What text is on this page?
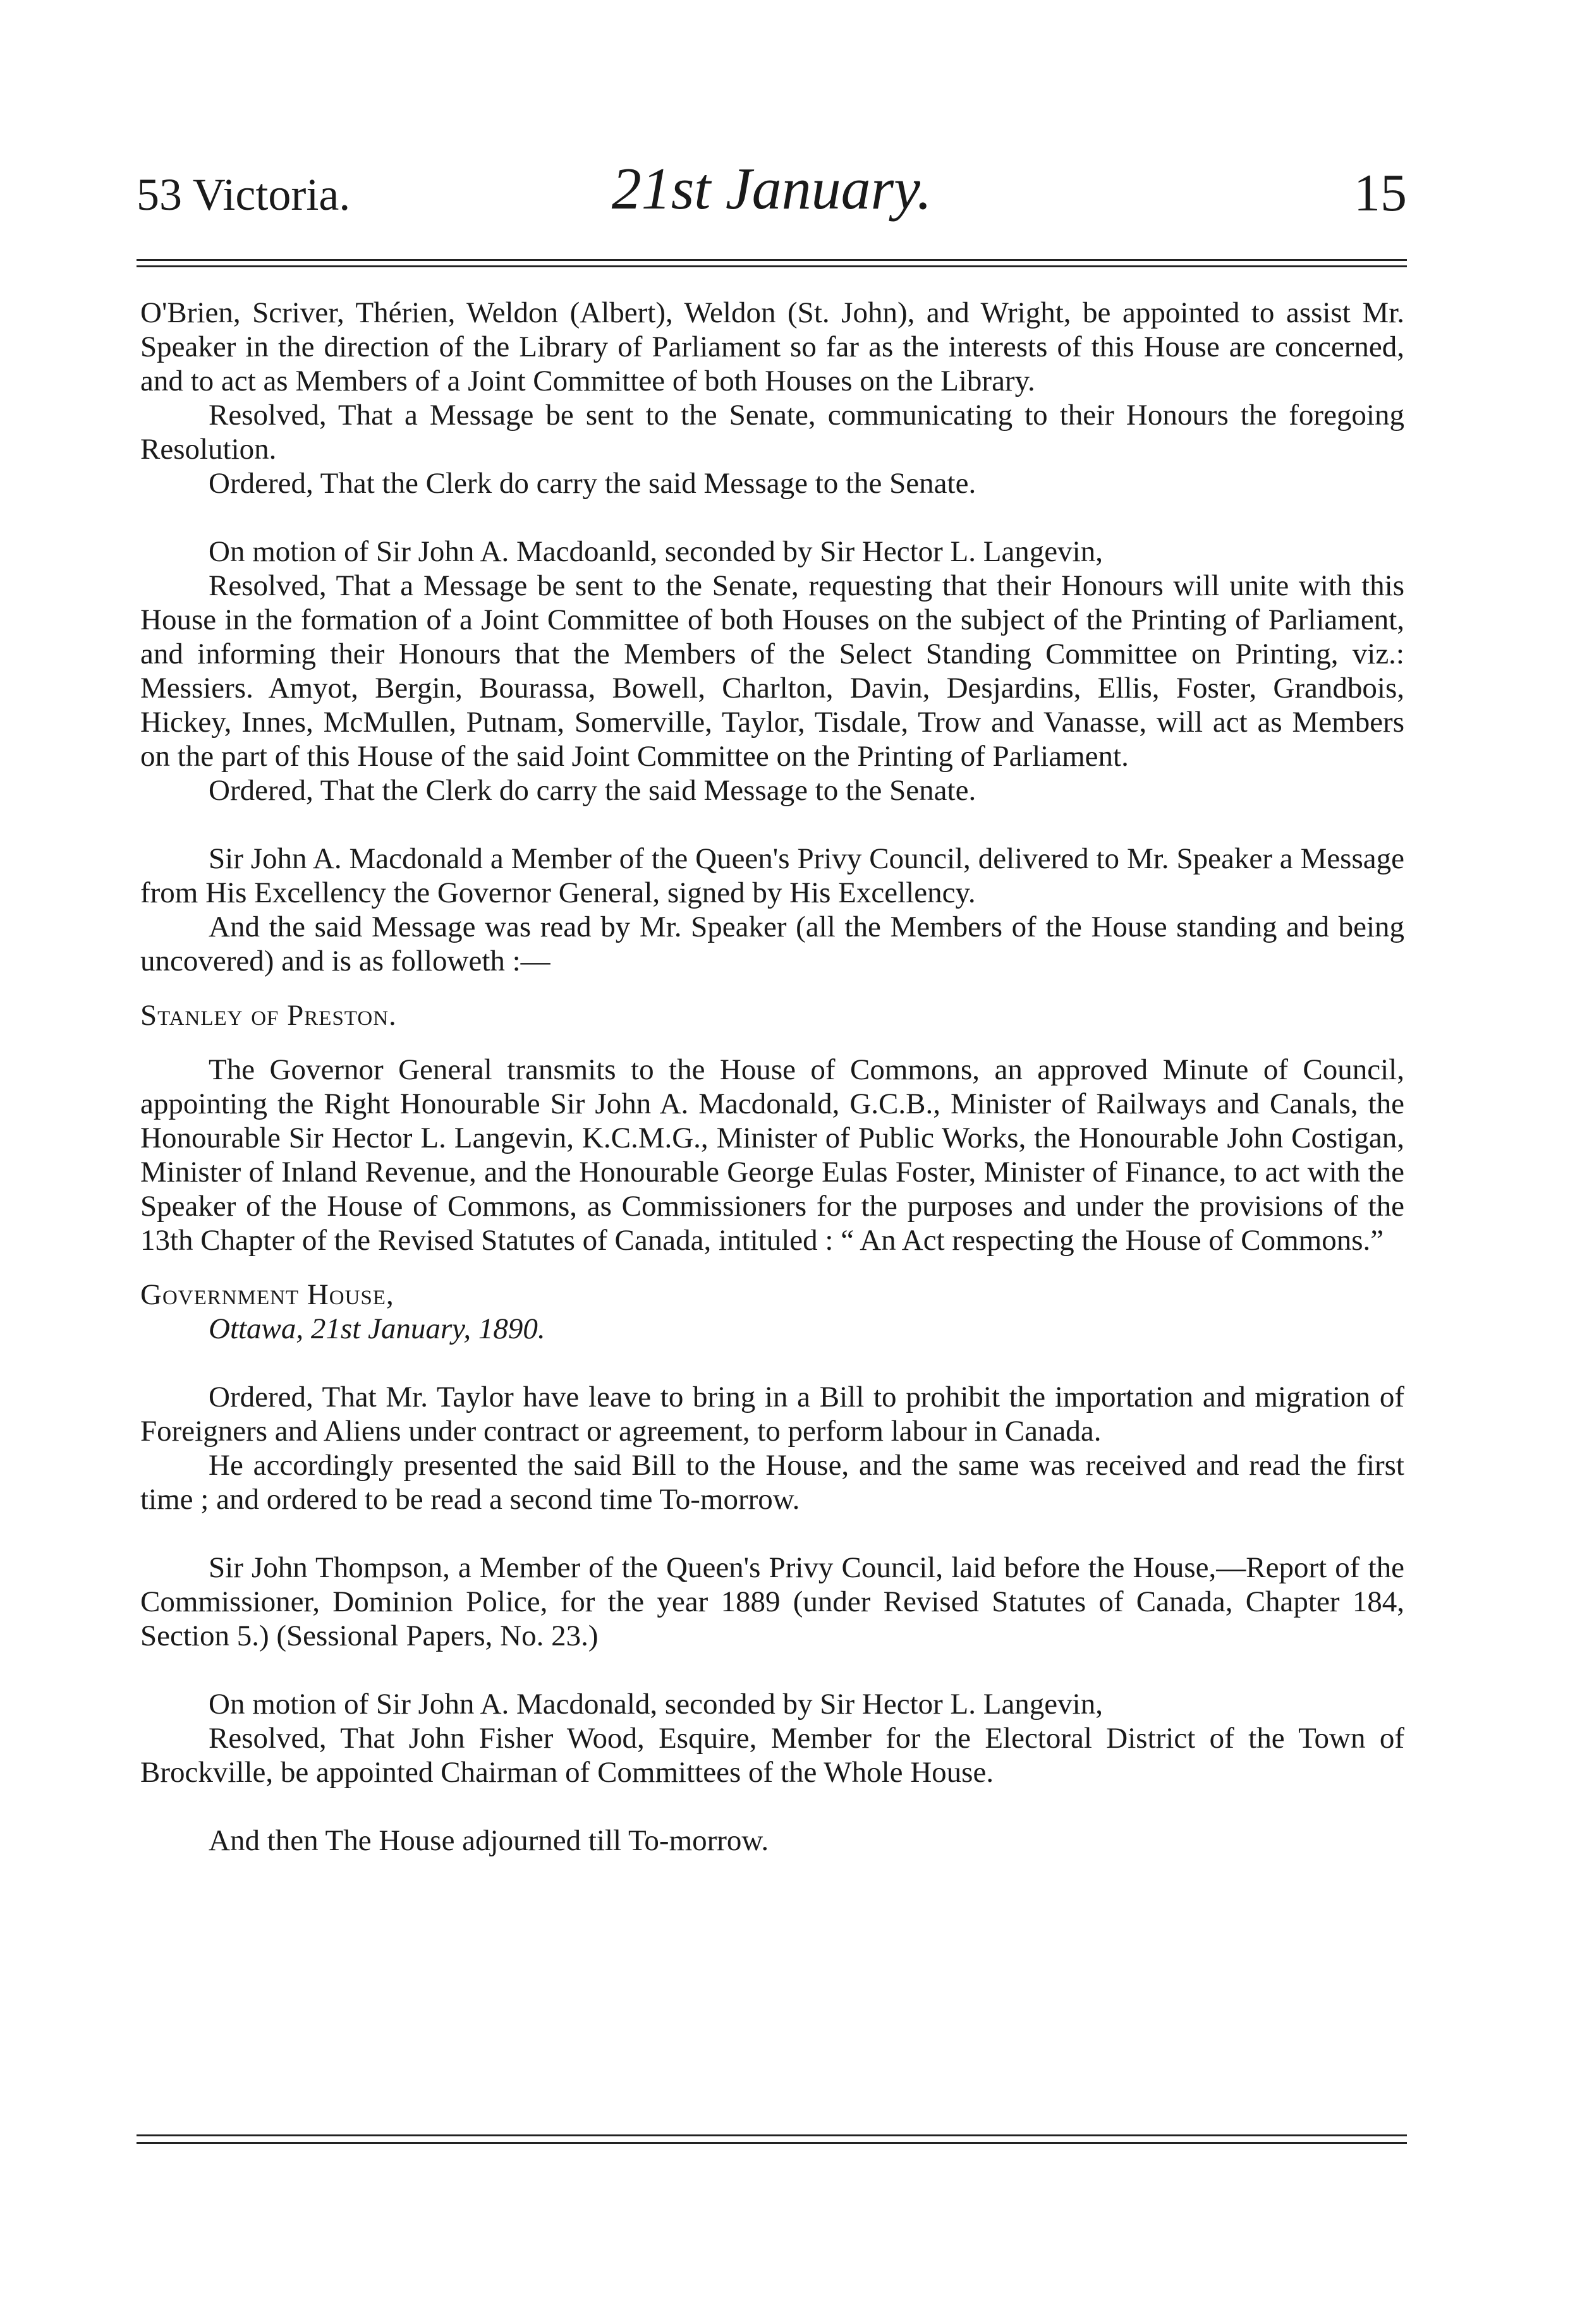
53 Victoria.	21st January.	15

O'Brien, Scriver, Thérien, Weldon (Albert), Weldon (St. John), and Wright, be appointed to assist Mr. Speaker in the direction of the Library of Parliament so far as the interests of this House are concerned, and to act as Members of a Joint Committee of both Houses on the Library.

Resolved, That a Message be sent to the Senate, communicating to their Honours the foregoing Resolution.

Ordered, That the Clerk do carry the said Message to the Senate.

On motion of Sir John A. Macdoanld, seconded by Sir Hector L. Langevin,

Resolved, That a Message be sent to the Senate, requesting that their Honours will unite with this House in the formation of a Joint Committee of both Houses on the subject of the Printing of Parliament, and informing their Honours that the Members of the Select Standing Committee on Printing, viz.: Messiers. Amyot, Bergin, Bourassa, Bowell, Charlton, Davin, Desjardins, Ellis, Foster, Grandbois, Hickey, Innes, McMullen, Putnam, Somerville, Taylor, Tisdale, Trow and Vanasse, will act as Members on the part of this House of the said Joint Committee on the Printing of Parliament.

Ordered, That the Clerk do carry the said Message to the Senate.

Sir John A. Macdonald a Member of the Queen's Privy Council, delivered to Mr. Speaker a Message from His Excellency the Governor General, signed by His Excellency.

And the said Message was read by Mr. Speaker (all the Members of the House standing and being uncovered) and is as followeth :—

Stanley of Preston.

The Governor General transmits to the House of Commons, an approved Minute of Council, appointing the Right Honourable Sir John A. Macdonald, G.C.B., Minister of Railways and Canals, the Honourable Sir Hector L. Langevin, K.C.M.G., Minister of Public Works, the Honourable John Costigan, Minister of Inland Revenue, and the Honourable George Eulas Foster, Minister of Finance, to act with the Speaker of the House of Commons, as Commissioners for the purposes and under the provisions of the 13th Chapter of the Revised Statutes of Canada, intituled : “ An Act respecting the House of Commons.”

Government House,

Ottawa, 21st January, 1890.

Ordered, That Mr. Taylor have leave to bring in a Bill to prohibit the importation and migration of Foreigners and Aliens under contract or agreement, to perform labour in Canada.

He accordingly presented the said Bill to the House, and the same was received and read the first time ; and ordered to be read a second time To-morrow.

Sir John Thompson, a Member of the Queen's Privy Council, laid before the House,—Report of the Commissioner, Dominion Police, for the year 1889 (under Revised Statutes of Canada, Chapter 184, Section 5.) (Sessional Papers, No. 23.)

On motion of Sir John A. Macdonald, seconded by Sir Hector L. Langevin,

Resolved, That John Fisher Wood, Esquire, Member for the Electoral District of the Town of Brockville, be appointed Chairman of Committees of the Whole House.

And then The House adjourned till To-morrow.
